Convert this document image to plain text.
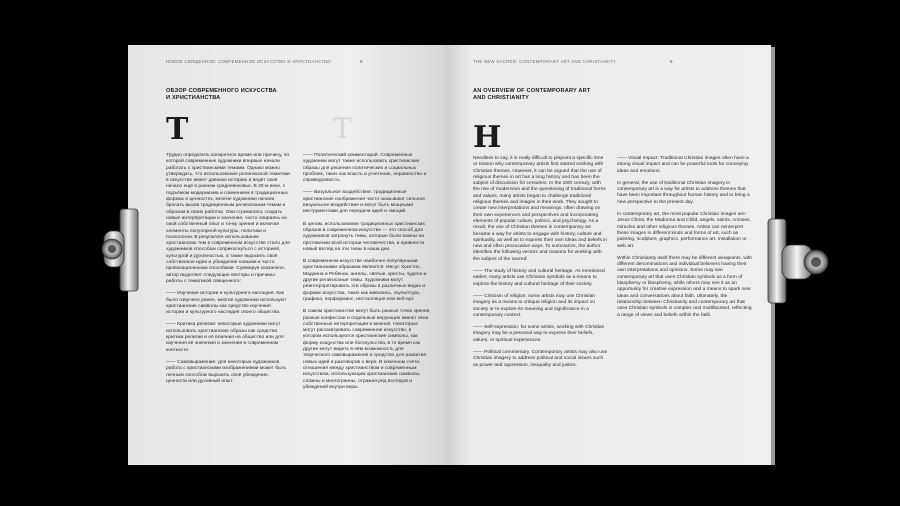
НОВОЕ СВЯЩЕННОЕ: СОВРЕМЕННОЕ ИСКУССТВО И ХРИСТИАНСТВО	8
ОБЗОР СОВРЕМЕННОГО ИСКУССТВА
И ХРИСТИАНСТВА
Т	Т

Трудно определить конкретное время или причину, по которой современные художники впервые начали работать с христианскими темами. Однако можно утверждать, что использование религиозной тематики в искусстве имеет давнюю историю и ведёт своё начало ещё в раннем средневековье. В 20-м веке, с подъёмом модернизма и сомнением в традиционных формах и ценностях, многие художники начали бросать вызов традиционным религиозным темам и образам в своих работах. Они стремились создать новые интерпретации и значения, часто опираясь на свой собственный опыт и точку зрения и включая элементы популярной культуры, политики и психологии. В результате использование христианских тем в современном искусстве стало для художников способом соприкоснуться с историей, культурой и духовностью, а также выразить своё собственное идеи и убеждения новыми и часто провокационными способами. Суммируя сказанное, автор выделяет следующие векторы и причины работы с тематикой священного:

—— Изучение истории и культурного наследия. Как было озвучено ранее, многие художники используют христианские символы как средство изучения истории и культурного наследия своего общества.

—— Критика религии: некоторые художники могут использовать христианские образы как средство критики религии и её влияния на общество или для изучения её значения и значения в современном контексте.

—— Самовыражение: для некоторых художников работа с христианскими изображениями может быть личным способом выразить своё убеждение, ценности или духовный опыт.

—— Политический комментарий. Современные художники могут также использовать христианские образы для решения политических и социальных проблем, таких как власть и угнетение, неравенство и справедливость.

—— Визуальное воздействие: традиционные христианские изображения часто оказывают сильное визуальное воздействие и могут быть мощными инструментами для передачи идей и эмоций.

В целом, использование традиционных христианских образов в современном искусстве — это способ для художников затронуть темы, которые были важны на протяжении всей истории человечества, и привнести новый взгляд на эти темы в наши дни.

В современном искусстве наиболее популярными христианскими образами являются: Иисус Христос, Мадонна и Ребёнок, ангелы, святые, кресты, чудеса и другие религиозные темы. Художники могут реинтерпретировать эти образы в различных видах и формах искусства, таких как живопись, скульптура, графика, перформанс, инсталляция или веб-арт.

В самом христианстве могут быть разные точки зрения, разные конфессии и отдельные верующие имеют свои собственные интерпретации и мнения. Некоторые могут рассматривать современное искусство, в котором используются христианские символы, как форму кощунства или богохульства, в то время как другие могут видеть в нём возможность для творческого самовыражения и средство для развития новых идей и разговоров о вере. В конечном счёте, отношения между христианством и современным искусством, использующим христианские символы, сложны и многогранны, отражая ряд взглядов и убеждений внутри веры.

THE NEW SACRED: CONTEMPORARY ART AND CHRISTIANITY	9
AN OVERVIEW OF CONTEMPORARY ART
AND CHRISTIANITY
Н

Needless to say, it is really difficult to pinpoint a specific time or reason why contemporary artists first started working with Christian themes. However, it can be argued that the use of religious themes in art has a long history and has been the subject of discussion for centuries. In the 20th century, with the rise of modernism and the questioning of traditional forms and values, many artists began to challenge traditional religious themes and images in their work. They sought to create new interpretations and meanings, often drawing on their own experiences and perspectives and incorporating elements of popular culture, politics, and psychology. As a result, the use of Christian themes in contemporary art became a way for artists to engage with history, culture and spirituality, as well as to express their own ideas and beliefs in new and often provocative ways. To summarize, the author identifies the following vectors and reasons for working with the subject of the sacred:

—— The study of history and cultural heritage. As mentioned earlier, many artists use Christian symbols as a means to explore the history and cultural heritage of their society.

—— Criticism of religion: some artists may use Christian imagery as a means to critique religion and its impact on society or to explore its meaning and significance in a contemporary context.

—— Self-expression: for some artists, working with Christian imagery may be a personal way to express their beliefs, values, or spiritual experiences.

—— Political commentary. Contemporary artists may also use Christian imagery to address political and social issues such as power and oppression, inequality and justice.

—— Visual Impact: Traditional Christian images often have a strong visual impact and can be powerful tools for conveying ideas and emotions.

In general, the use of traditional Christian imagery in contemporary art is a way for artists to address themes that have been important throughout human history and to bring a new perspective to the present day.

In contemporary art, the most popular Christian images are: Jesus Christ, the Madonna and Child, angels, saints, crosses, miracles and other religious themes. Artists can reinterpret these images in different kinds and forms of art, such as painting, sculpture, graphics, performance art, installation or web art.

Within Christianity itself there may be different viewpoints, with different denominations and individual believers having their own interpretations and opinions. Some may see contemporary art that uses Christian symbols as a form of blasphemy or blasphemy, while others may see it as an opportunity for creative expression and a means to spark new ideas and conversations about faith. Ultimately, the relationship between Christianity and contemporary art that uses Christian symbols is complex and multifaceted, reflecting a range of views and beliefs within the faith.
